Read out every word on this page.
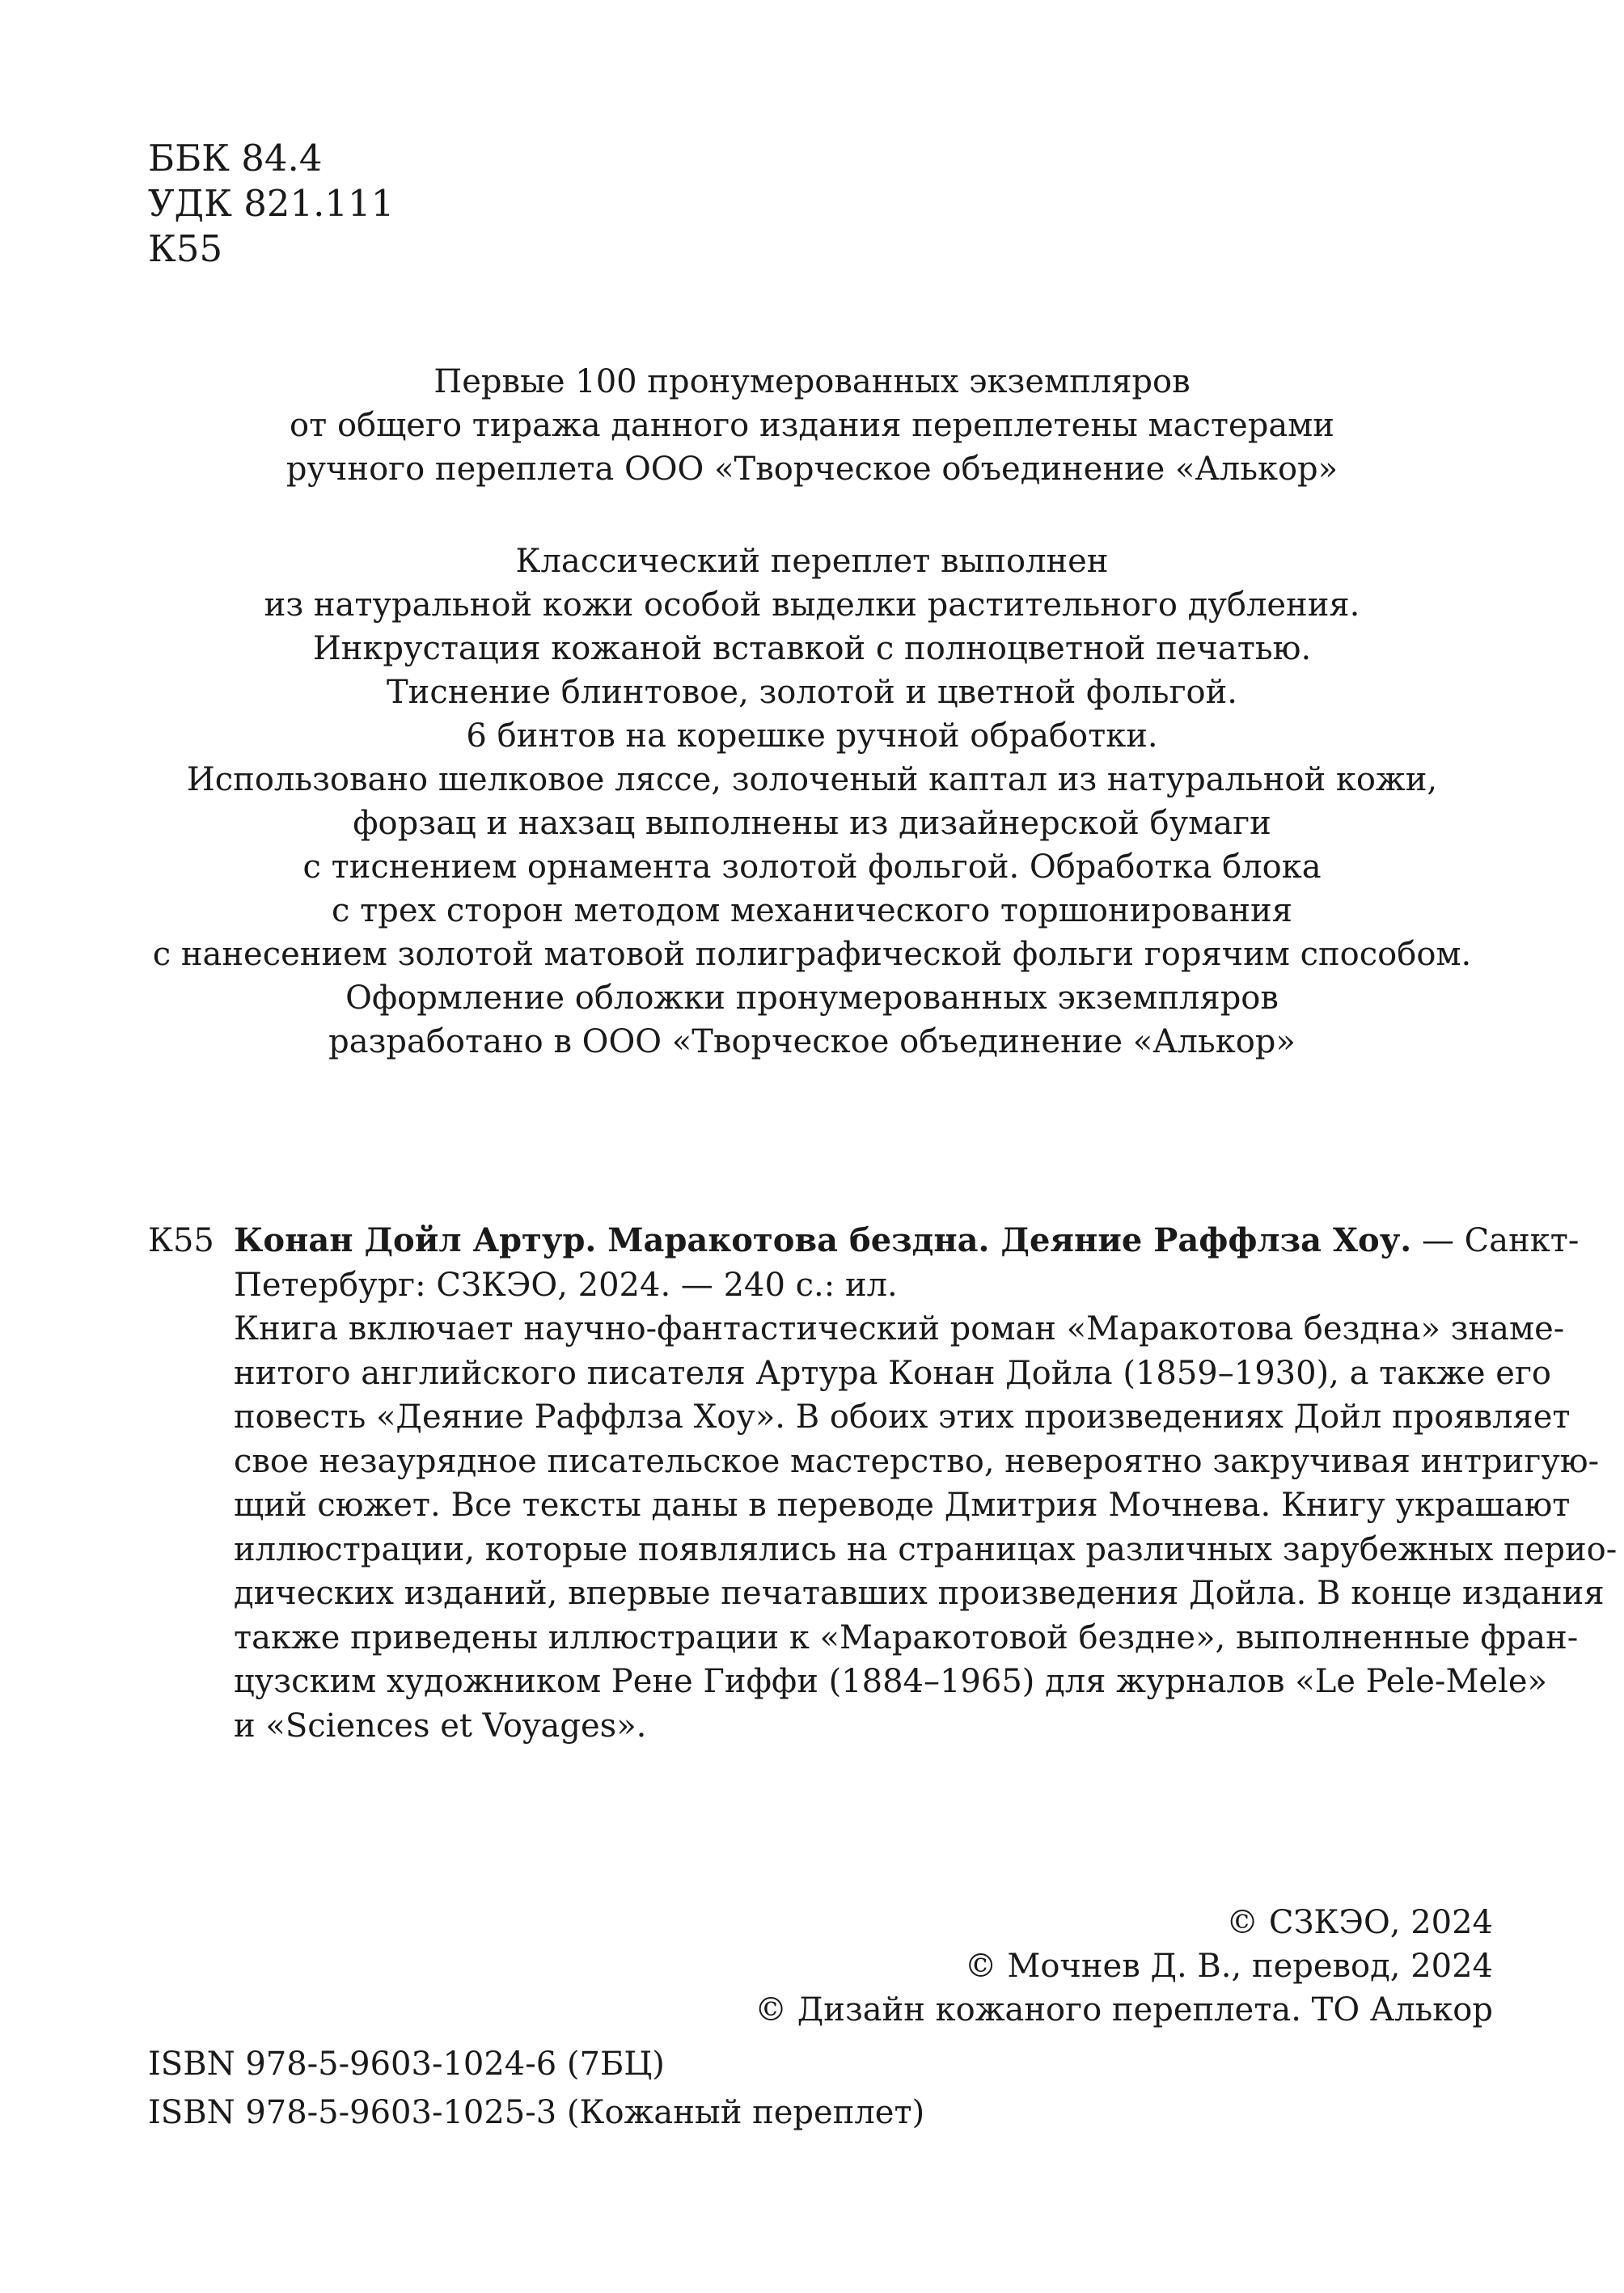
ББК 84.4
УДК 821.111
К55
Первые 100 пронумерованных экземпляров
от общего тиража данного издания переплетены мастерами
ручного переплета ООО «Творческое объединение «Алькор»
Классический переплет выполнен
из натуральной кожи особой выделки растительного дубления.
Инкрустация кожаной вставкой с полноцветной печатью.
Тиснение блинтовое, золотой и цветной фольгой.
6 бинтов на корешке ручной обработки.
Использовано шелковое ляссе, золоченый каптал из натуральной кожи,
форзац и нахзац выполнены из дизайнерской бумаги
с тиснением орнамента золотой фольгой. Обработка блока
с трех сторон методом механического торшонирования
с нанесением золотой матовой полиграфической фольги горячим способом.
Оформление обложки пронумерованных экземпляров
разработано в ООО «Творческое объединение «Алькор»
К55 Конан Дойл Артур. Маракотова бездна. Деяние Раффлза Хоу. — Санкт-
Петербург: СЗКЭО, 2024. — 240 с.: ил.
Книга включает научно-фантастический роман «Маракотова бездна» знаме-
нитого английского писателя Артура Конан Дойла (1859–1930), а также его
повесть «Деяние Раффлза Хоу». В обоих этих произведениях Дойл проявляет
свое незаурядное писательское мастерство, невероятно закручивая интригую-
щий сюжет. Все тексты даны в переводе Дмитрия Мочнева. Книгу украшают
иллюстрации, которые появлялись на страницах различных зарубежных перио-
дических изданий, впервые печатавших произведения Дойла. В конце издания
также приведены иллюстрации к «Маракотовой бездне», выполненные фран-
цузским художником Рене Гиффи (1884–1965) для журналов «Le Pele-Mele»
и «Sciences et Voyages».
© СЗКЭО, 2024
© Мочнев Д. В., перевод, 2024
© Дизайн кожаного переплета. ТО Алькор
ISBN 978-5-9603-1024-6 (7БЦ)
ISBN 978-5-9603-1025-3 (Кожаный переплет)
